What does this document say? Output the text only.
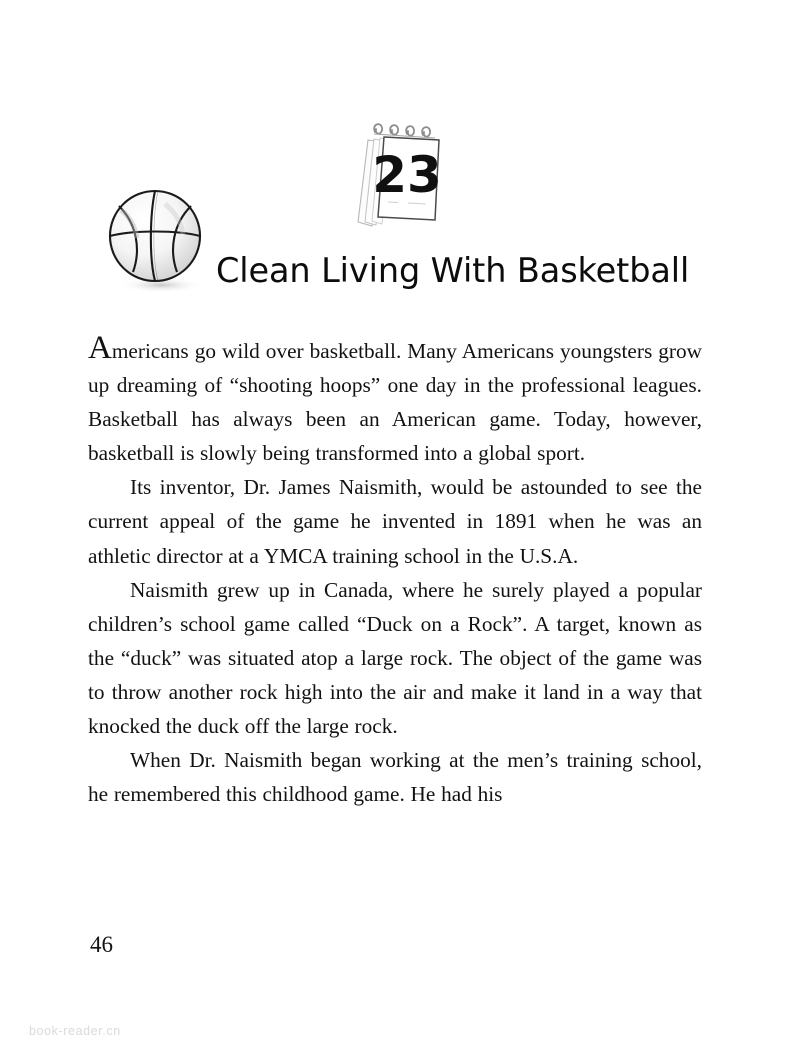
23
Clean Living With Basketball

Americans go wild over basketball. Many Americans youngsters grow up dreaming of “shooting hoops” one day in the professional leagues. Basketball has always been an American game. Today, however, basketball is slowly being transformed into a global sport.

Its inventor, Dr. James Naismith, would be astounded to see the current appeal of the game he invented in 1891 when he was an athletic director at a YMCA training school in the U.S.A.

Naismith grew up in Canada, where he surely played a popular children’s school game called “Duck on a Rock”. A target, known as the “duck” was situated atop a large rock. The object of the game was to throw another rock high into the air and make it land in a way that knocked the duck off the large rock.

When Dr. Naismith began working at the men’s training school, he remembered this childhood game. He had his

46
book-reader.cn
